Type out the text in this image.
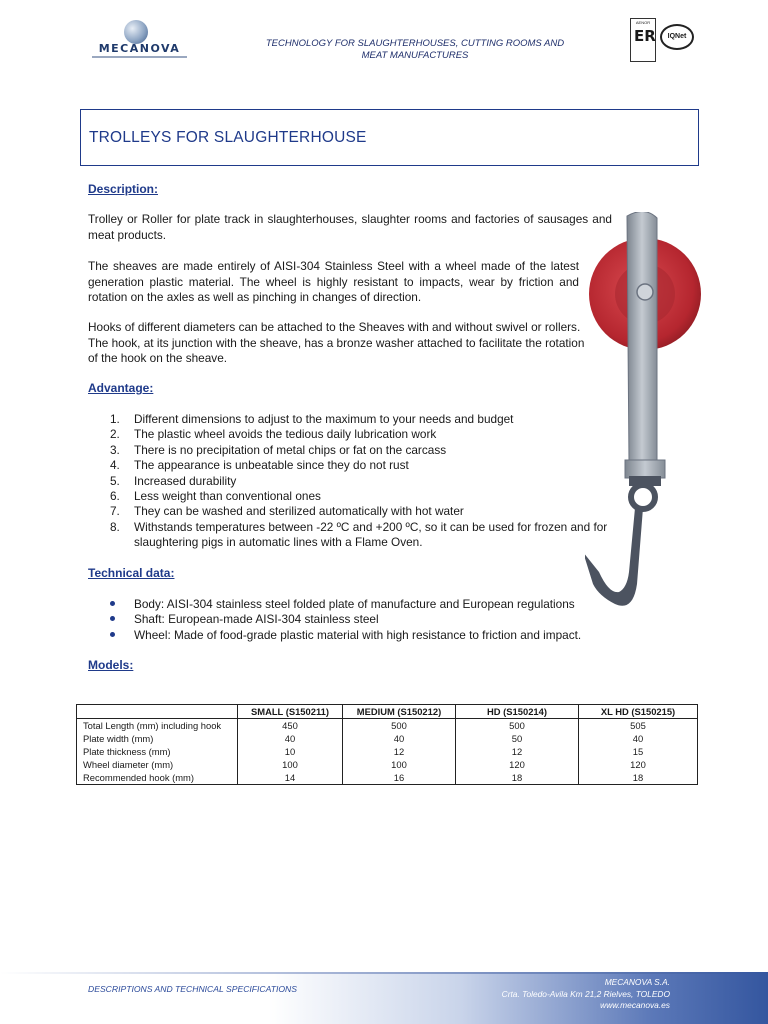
MECANOVA	TECHNOLOGY FOR SLAUGHTERHOUSES, CUTTING ROOMS AND
MEAT MANUFACTURES
AENOR
ER	IQNet
TROLLEYS FOR SLAUGHTERHOUSE
Description:
Trolley or Roller for plate track in slaughterhouses, slaughter rooms and factories of sausages and meat products.
The sheaves are made entirely of AISI-304 Stainless Steel with a wheel made of the latest generation plastic material. The wheel is highly resistant to impacts, wear by friction and rotation on the axles as well as pinching in changes of direction.
Hooks of different diameters can be attached to the Sheaves with and without swivel or rollers. The hook, at its junction with the sheave, has a bronze washer attached to facilitate the rotation of the hook on the sheave.
Advantage:
1. Different dimensions to adjust to the maximum to your needs and budget
2. The plastic wheel avoids the tedious daily lubrication work
3. There is no precipitation of metal chips or fat on the carcass
4. The appearance is unbeatable since they do not rust
5. Increased durability
6. Less weight than conventional ones
7. They can be washed and sterilized automatically with hot water
8. Withstands temperatures between -22 ºC and +200 ºC, so it can be used for frozen and for slaughtering pigs in automatic lines with a Flame Oven.
Technical data:
Body: AISI-304 stainless steel folded plate of manufacture and European regulations
Shaft: European-made AISI-304 stainless steel
Wheel: Made of food-grade plastic material with high resistance to friction and impact.
Models:
	SMALL (S150211)	MEDIUM (S150212)	HD (S150214)	XL HD (S150215)
Total Length (mm) including hook	450	500	500	505
Plate width (mm)	40	40	50	40
Plate thickness (mm)	10	12	12	15
Wheel diameter (mm)	100	100	120	120
Recommended hook (mm)	14	16	18	18
DESCRIPTIONS AND TECHNICAL SPECIFICATIONS
MECANOVA S.A.
Crta. Toledo-Avila Km 21,2 Rielves, TOLEDO
www.mecanova.es
